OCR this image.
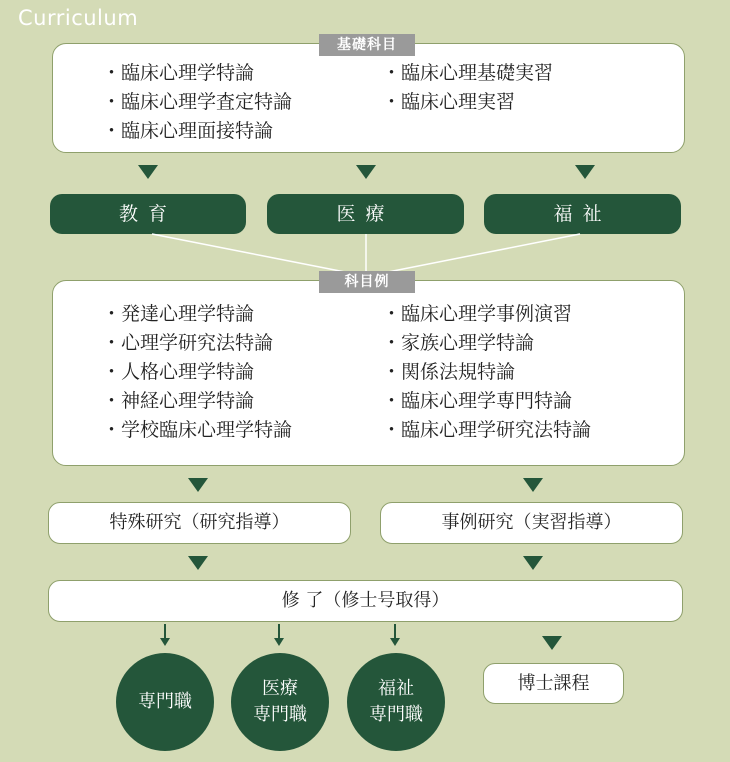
Curriculum
基礎科目
・ 臨床心理学特論
・ 臨床心理学査定特論
・ 臨床心理面接特論
・ 臨床心理基礎実習
・ 臨床心理実習
教育	医療	福祉
科目例
・ 発達心理学特論
・ 心理学研究法特論
・ 人格心理学特論
・ 神経心理学特論
・ 学校臨床心理学特論
・ 臨床心理学事例演習
・ 家族心理学特論
・ 関係法規特論
・ 臨床心理学専門特論
・ 臨床心理学研究法特論
特殊研究（研究指導）	事例研究（実習指導）
修 了（修士号取得）
専門職
医療
専門職
福祉
専門職
博士課程
